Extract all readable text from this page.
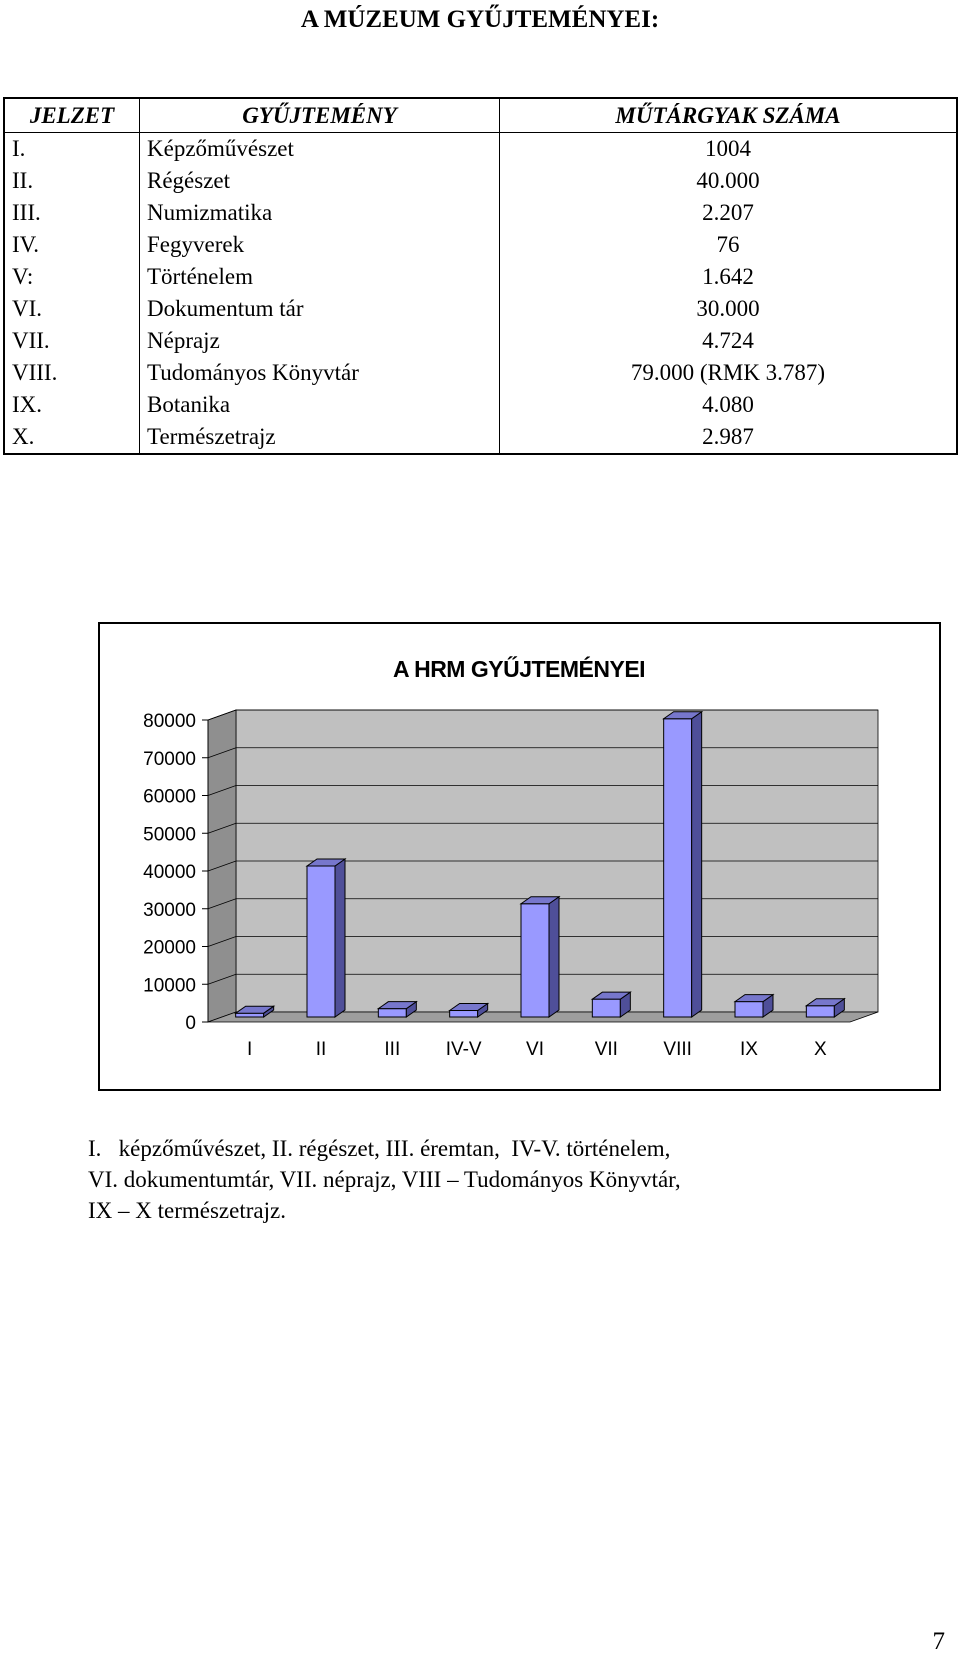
A MÚZEUM GYŰJTEMÉNYEI:
JELZET	GYŰJTEMÉNY	MŰTÁRGYAK SZÁMA
I.	Képzőművészet	1004
II.	Régészet	40.000
III.	Numizmatika	2.207
IV.	Fegyverek	76
V:	Történelem	1.642
VI.	Dokumentum tár	30.000
VII.	Néprajz	4.724
VIII.	Tudományos Könyvtár	79.000 (RMK 3.787)
IX.	Botanika	4.080
X.	Természetrajz	2.987
A HRM GYŰJTEMÉNYEI
0
10000
20000
30000
40000
50000
60000
70000
80000
I	II	III IV-V VI	VII VIII	IX	X
I.   képzőművészet, II. régészet, III. éremtan,  IV-V. történelem,
VI. dokumentumtár, VII. néprajz, VIII – Tudományos Könyvtár,
IX – X természetrajz.
7
